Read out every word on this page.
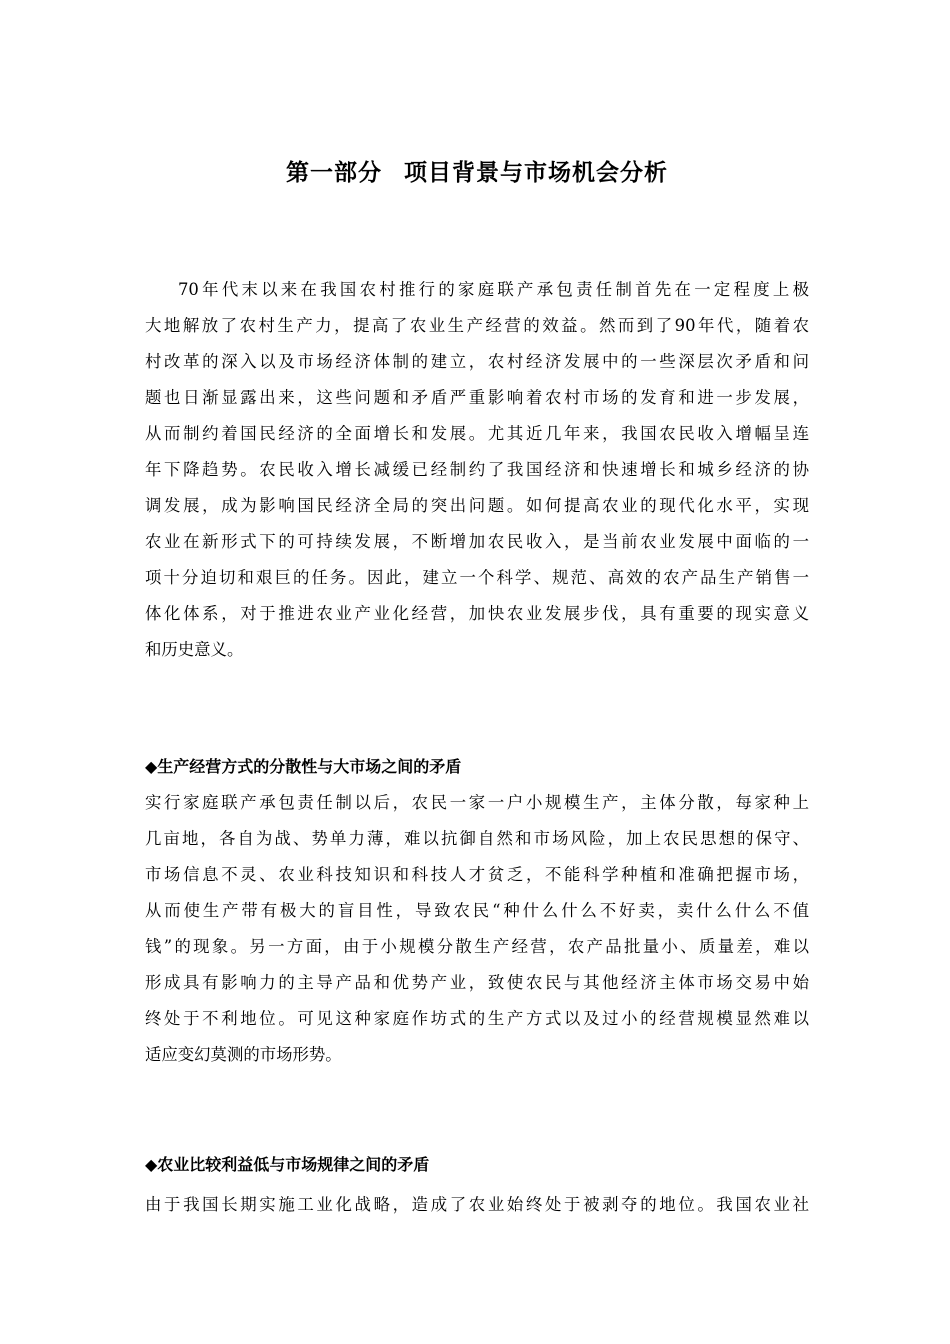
第一部分 项目背景与市场机会分析
70年代末以来在我国农村推行的家庭联产承包责任制首先在一定程度上极
大地解放了农村生产力，提高了农业生产经营的效益。然而到了90年代，随着农
村改革的深入以及市场经济体制的建立，农村经济发展中的一些深层次矛盾和问
题也日渐显露出来，这些问题和矛盾严重影响着农村市场的发育和进一步发展，
从而制约着国民经济的全面增长和发展。尤其近几年来，我国农民收入增幅呈连
年下降趋势。农民收入增长减缓已经制约了我国经济和快速增长和城乡经济的协
调发展，成为影响国民经济全局的突出问题。如何提高农业的现代化水平，实现
农业在新形式下的可持续发展，不断增加农民收入，是当前农业发展中面临的一
项十分迫切和艰巨的任务。因此，建立一个科学、规范、高效的农产品生产销售一
体化体系，对于推进农业产业化经营，加快农业发展步伐，具有重要的现实意义
和历史意义。
◆生产经营方式的分散性与大市场之间的矛盾
实行家庭联产承包责任制以后，农民一家一户小规模生产，主体分散，每家种上
几亩地，各自为战、势单力薄，难以抗御自然和市场风险，加上农民思想的保守、
市场信息不灵、农业科技知识和科技人才贫乏，不能科学种植和准确把握市场，
从而使生产带有极大的盲目性，导致农民“种什么什么不好卖，卖什么什么不值
钱”的现象。另一方面，由于小规模分散生产经营，农产品批量小、质量差，难以
形成具有影响力的主导产品和优势产业，致使农民与其他经济主体市场交易中始
终处于不利地位。可见这种家庭作坊式的生产方式以及过小的经营规模显然难以
适应变幻莫测的市场形势。
◆农业比较利益低与市场规律之间的矛盾
由于我国长期实施工业化战略，造成了农业始终处于被剥夺的地位。我国农业社
